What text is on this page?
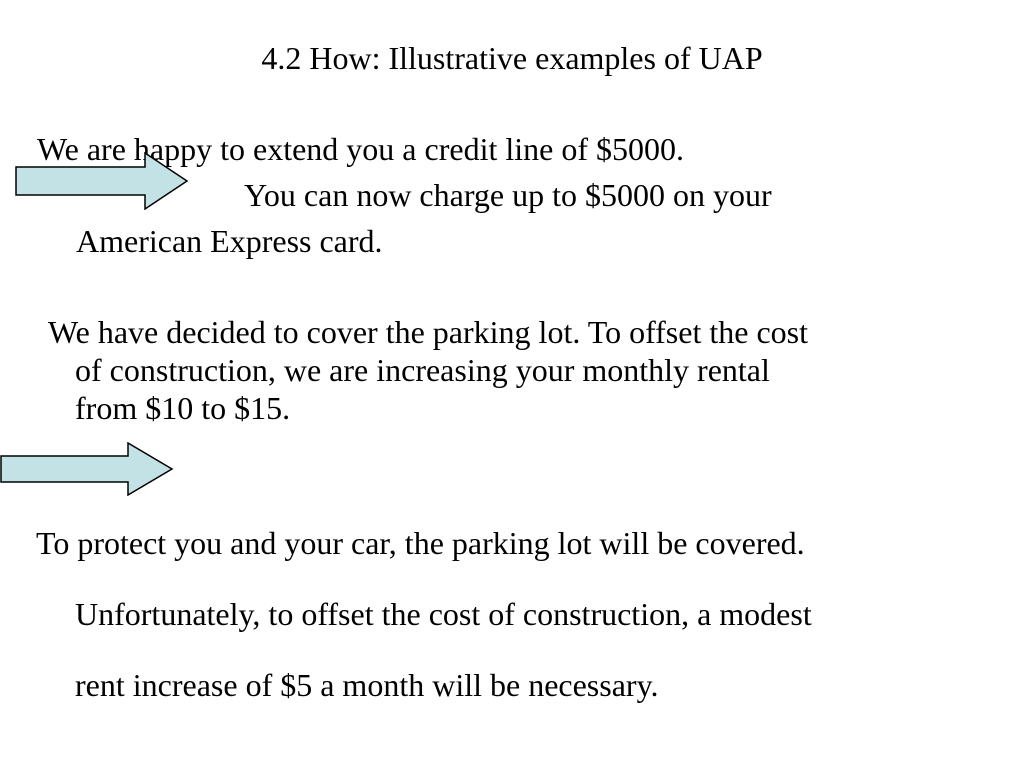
4.2 How: Illustrative examples of UAP
We are happy to extend you a credit line of $5000.
You can now charge up to $5000 on your
American Express card.
We have decided to cover the parking lot. To offset the cost
of construction, we are increasing your monthly rental
from $10 to $15.
To protect you and your car, the parking lot will be covered.
Unfortunately, to offset the cost of construction, a modest
rent increase of $5 a month will be necessary.
